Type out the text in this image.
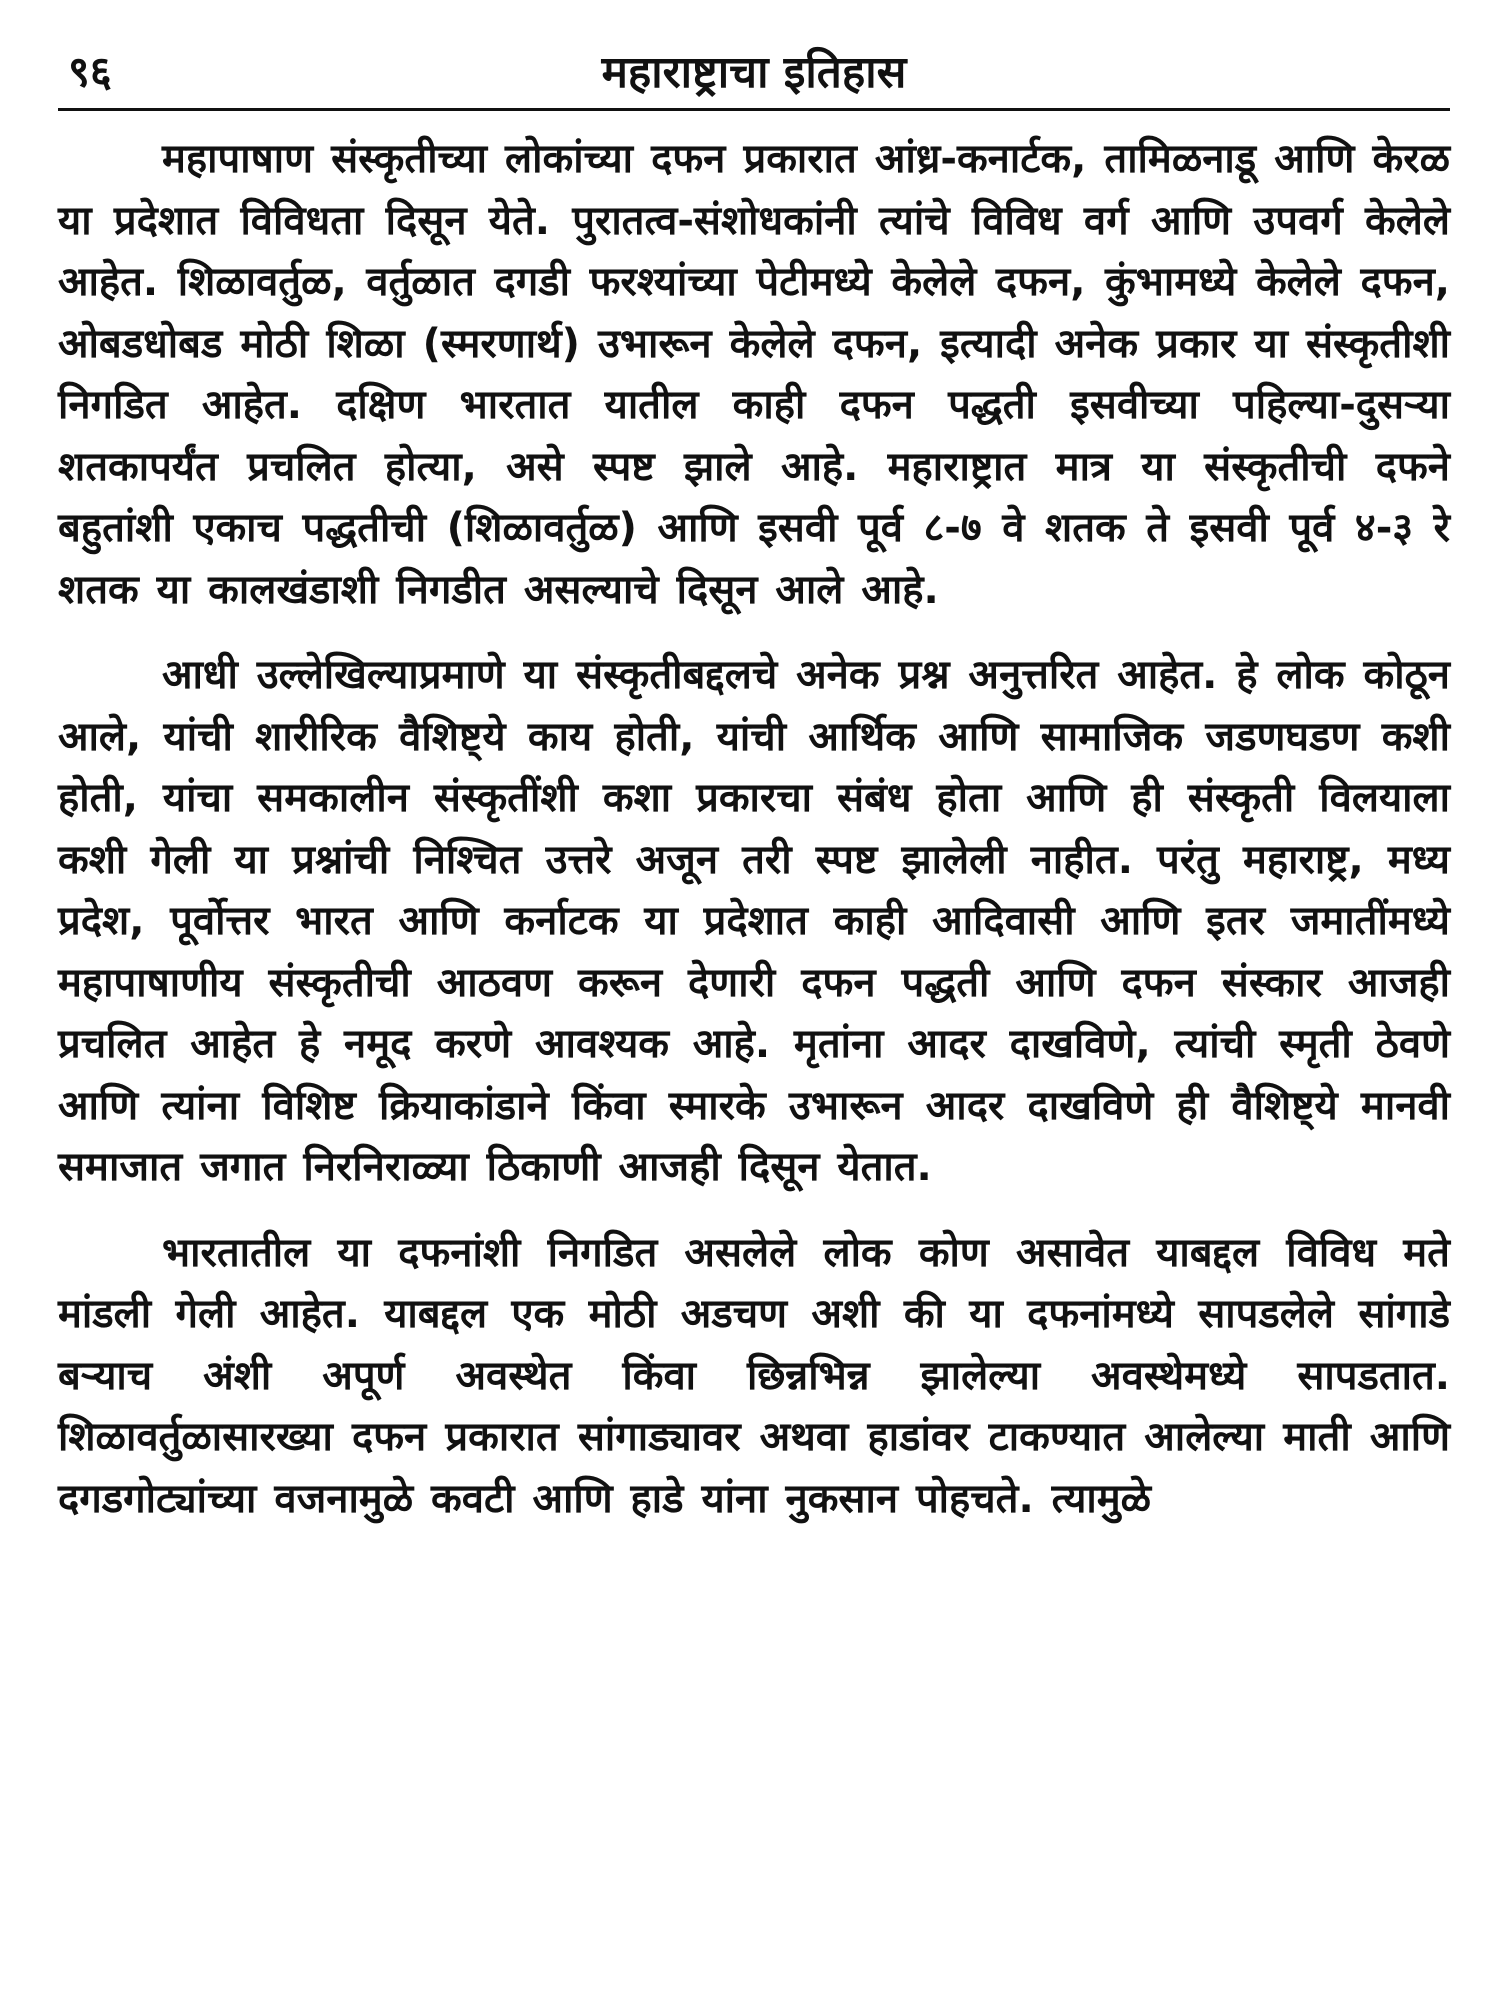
९६	महाराष्ट्राचा इतिहास

महापाषाण संस्कृतीच्या लोकांच्या दफन प्रकारात आंध्र-कनार्टक, तामिळनाडू आणि केरळ या प्रदेशात विविधता दिसून येते. पुरातत्व-संशोधकांनी त्यांचे विविध वर्ग आणि उपवर्ग केलेले आहेत. शिळावर्तुळ, वर्तुळात दगडी फरश्यांच्या पेटीमध्ये केलेले दफन, कुंभामध्ये केलेले दफन, ओबडधोबड मोठी शिळा (स्मरणार्थ) उभारून केलेले दफन, इत्यादी अनेक प्रकार या संस्कृतीशी निगडित आहेत. दक्षिण भारतात यातील काही दफन पद्धती इसवीच्या पहिल्या-दुसऱ्या शतकापर्यंत प्रचलित होत्या, असे स्पष्ट झाले आहे. महाराष्ट्रात मात्र या संस्कृतीची दफने बहुतांशी एकाच पद्धतीची (शिळावर्तुळ) आणि इसवी पूर्व ८-७ वे शतक ते इसवी पूर्व ४-३ रे शतक या कालखंडाशी निगडीत असल्याचे दिसून आले आहे.

आधी उल्लेखिल्याप्रमाणे या संस्कृतीबद्दलचे अनेक प्रश्न अनुत्तरित आहेत. हे लोक कोठून आले, यांची शारीरिक वैशिष्ट्ये काय होती, यांची आर्थिक आणि सामाजिक जडणघडण कशी होती, यांचा समकालीन संस्कृतींशी कशा प्रकारचा संबंध होता आणि ही संस्कृती विलयाला कशी गेली या प्रश्नांची निश्चित उत्तरे अजून तरी स्पष्ट झालेली नाहीत. परंतु महाराष्ट्र, मध्य प्रदेश, पूर्वोत्तर भारत आणि कर्नाटक या प्रदेशात काही आदिवासी आणि इतर जमातींमध्ये महापाषाणीय संस्कृतीची आठवण करून देणारी दफन पद्धती आणि दफन संस्कार आजही प्रचलित आहेत हे नमूद करणे आवश्यक आहे. मृतांना आदर दाखविणे, त्यांची स्मृती ठेवणे आणि त्यांना विशिष्ट क्रियाकांडाने किंवा स्मारके उभारून आदर दाखविणे ही वैशिष्ट्ये मानवी समाजात जगात निरनिराळ्या ठिकाणी आजही दिसून येतात.

भारतातील या दफनांशी निगडित असलेले लोक कोण असावेत याबद्दल विविध मते मांडली गेली आहेत. याबद्दल एक मोठी अडचण अशी की या दफनांमध्ये सापडलेले सांगाडे बऱ्याच अंशी अपूर्ण अवस्थेत किंवा छिन्नभिन्न झालेल्या अवस्थेमध्ये सापडतात. शिळावर्तुळासारख्या दफन प्रकारात सांगाड्यावर अथवा हाडांवर टाकण्यात आलेल्या माती आणि दगडगोट्यांच्या वजनामुळे कवटी आणि हाडे यांना नुकसान पोहचते. त्यामुळे
